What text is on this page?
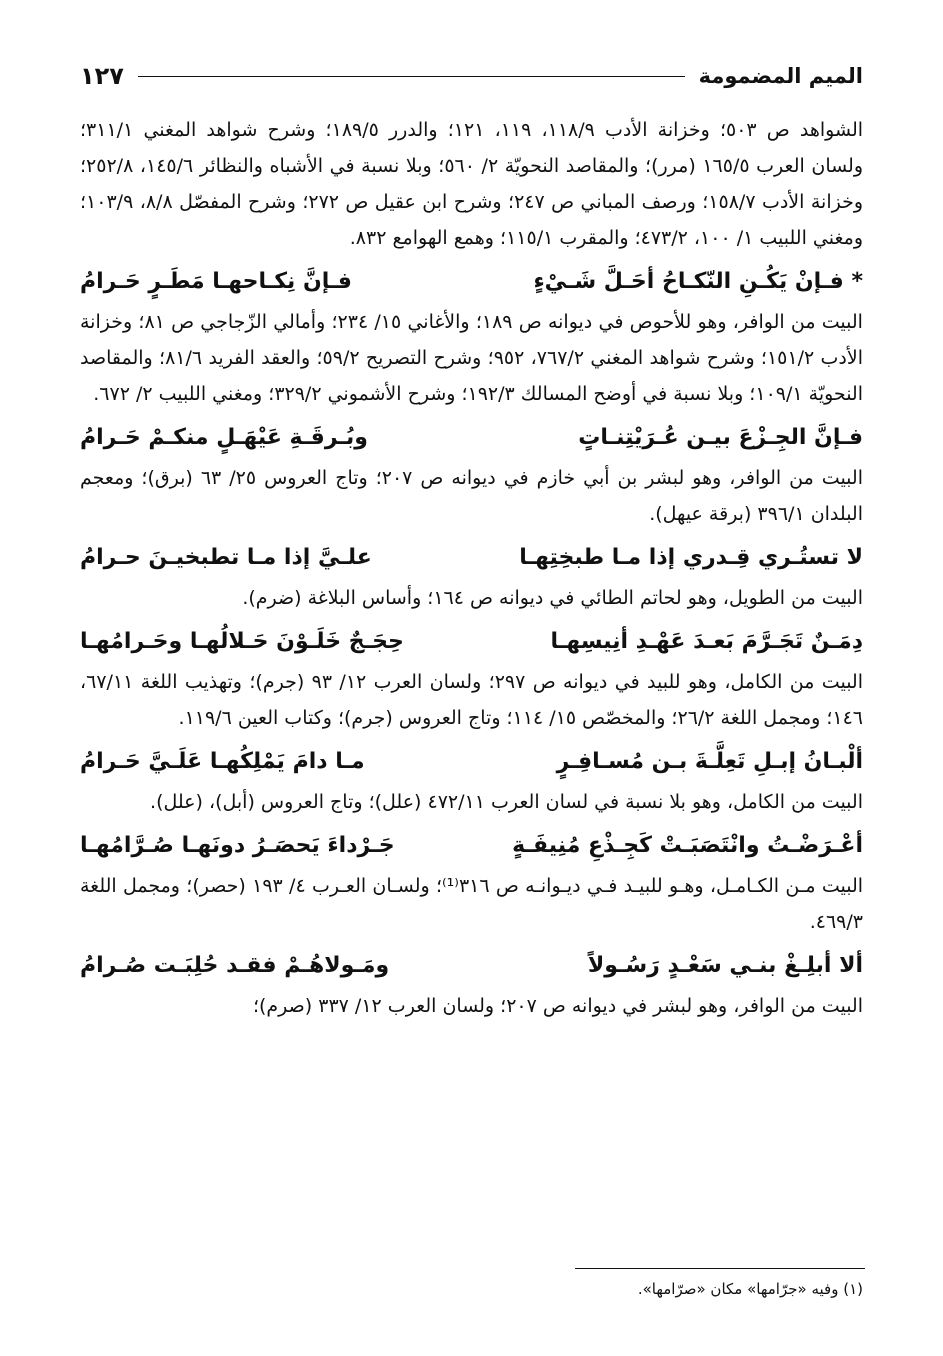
الميم المضمومة
١٢٧

الشواهد ص ٥٠٣؛ وخزانة الأدب ١١٨/٩، ١١٩، ١٢١؛ والدرر ١٨٩/٥؛ وشرح شواهد المغني ٣١١/١؛ ولسان العرب ١٦٥/٥ (مرر)؛ والمقاصد النحويّة ٢/ ٥٦٠؛ وبلا نسبة في الأشباه والنظائر ١٤٥/٦، ٢٥٢/٨؛ وخزانة الأدب ١٥٨/٧؛ ورصف المباني ص ٢٤٧؛ وشرح ابن عقيل ص ٢٧٢؛ وشرح المفصّل ٨/٨، ١٠٣/٩؛ ومغني اللبيب ١/ ١٠٠، ٤٧٣/٢؛ والمقرب ١١٥/١؛ وهمع الهوامع ٨٣٢.

* فـإنْ يَكُـنِ النّكـاحُ أحَـلَّ شَـيْءٍ
فـإنَّ نِكـاحهـا مَطَـرٍ حَـرامُ

البيت من الوافر، وهو للأحوص في ديوانه ص ١٨٩؛ والأغاني ١٥/ ٢٣٤؛ وأمالي الزّجاجي ص ٨١؛ وخزانة الأدب ١٥١/٢؛ وشرح شواهد المغني ٧٦٧/٢، ٩٥٢؛ وشرح التصريح ٥٩/٢؛ والعقد الفريد ٨١/٦؛ والمقاصد النحويّة ١٠٩/١؛ وبلا نسبة في أوضح المسالك ١٩٢/٣؛ وشرح الأشموني ٣٢٩/٢؛ ومغني اللبيب ٢/ ٦٧٢.

فـإنَّ الجِـزْعَ بيـن عُـرَيْتِنـاتٍ
وبُـرقَـةِ عَيْهَـلٍ منكـمْ حَـرامُ

البيت من الوافر، وهو لبشر بن أبي خازم في ديوانه ص ٢٠٧؛ وتاج العروس ٢٥/ ٦٣ (برق)؛ ومعجم البلدان ٣٩٦/١ (برقة عيهل).

لا تستُـري قِـدري إذا مـا طبخِتِهـا
علـيَّ إذا مـا تطبخيـنَ حـرامُ

البيت من الطويل، وهو لحاتم الطائي في ديوانه ص ١٦٤؛ وأساس البلاغة (ضرم).

دِمَـنٌ تَجَـرَّمَ بَعـدَ عَهْـدِ أنِيسِهـا
حِجَـجٌ خَلَـوْنَ حَـلالُهـا وحَـرامُهـا

البيت من الكامل، وهو للبيد في ديوانه ص ٢٩٧؛ ولسان العرب ١٢/ ٩٣ (جرم)؛ وتهذيب اللغة ٦٧/١١، ١٤٦؛ ومجمل اللغة ٢٦/٢؛ والمخصّص ١٥/ ١١٤؛ وتاج العروس (جرم)؛ وكتاب العين ١١٩/٦.

ألْبـانُ إبـلِ تَعِلَّـةَ بـن مُسـافِـرٍ
مـا دامَ يَمْلِكُهـا عَلَـيَّ حَـرامُ

البيت من الكامل، وهو بلا نسبة في لسان العرب ٤٧٢/١١ (علل)؛ وتاج العروس (أبل)، (علل).

أعْـرَضْـتُ وانْتَصَبَـتْ كَجِـذْعِ مُنِيفَـةٍ
جَـرْداءَ يَحصَـرُ دونَهـا صُـرَّامُهـا

البيت مـن الكـامـل، وهـو للبيـد فـي ديـوانـه ص ٣١٦⁽¹⁾؛ ولسـان العـرب ٤/ ١٩٣ (حصر)؛ ومجمل اللغة ٤٦٩/٣.

ألا أبلِـغْ بنـي سَعْـدٍ رَسُـولاً
ومَـولاهُـمْ فقـد حُلِبَـت صُـرامُ

البيت من الوافر، وهو لبشر في ديوانه ص ٢٠٧؛ ولسان العرب ١٢/ ٣٣٧ (صرم)؛

(١) وفيه «جرّامها» مكان «صرّامها».
